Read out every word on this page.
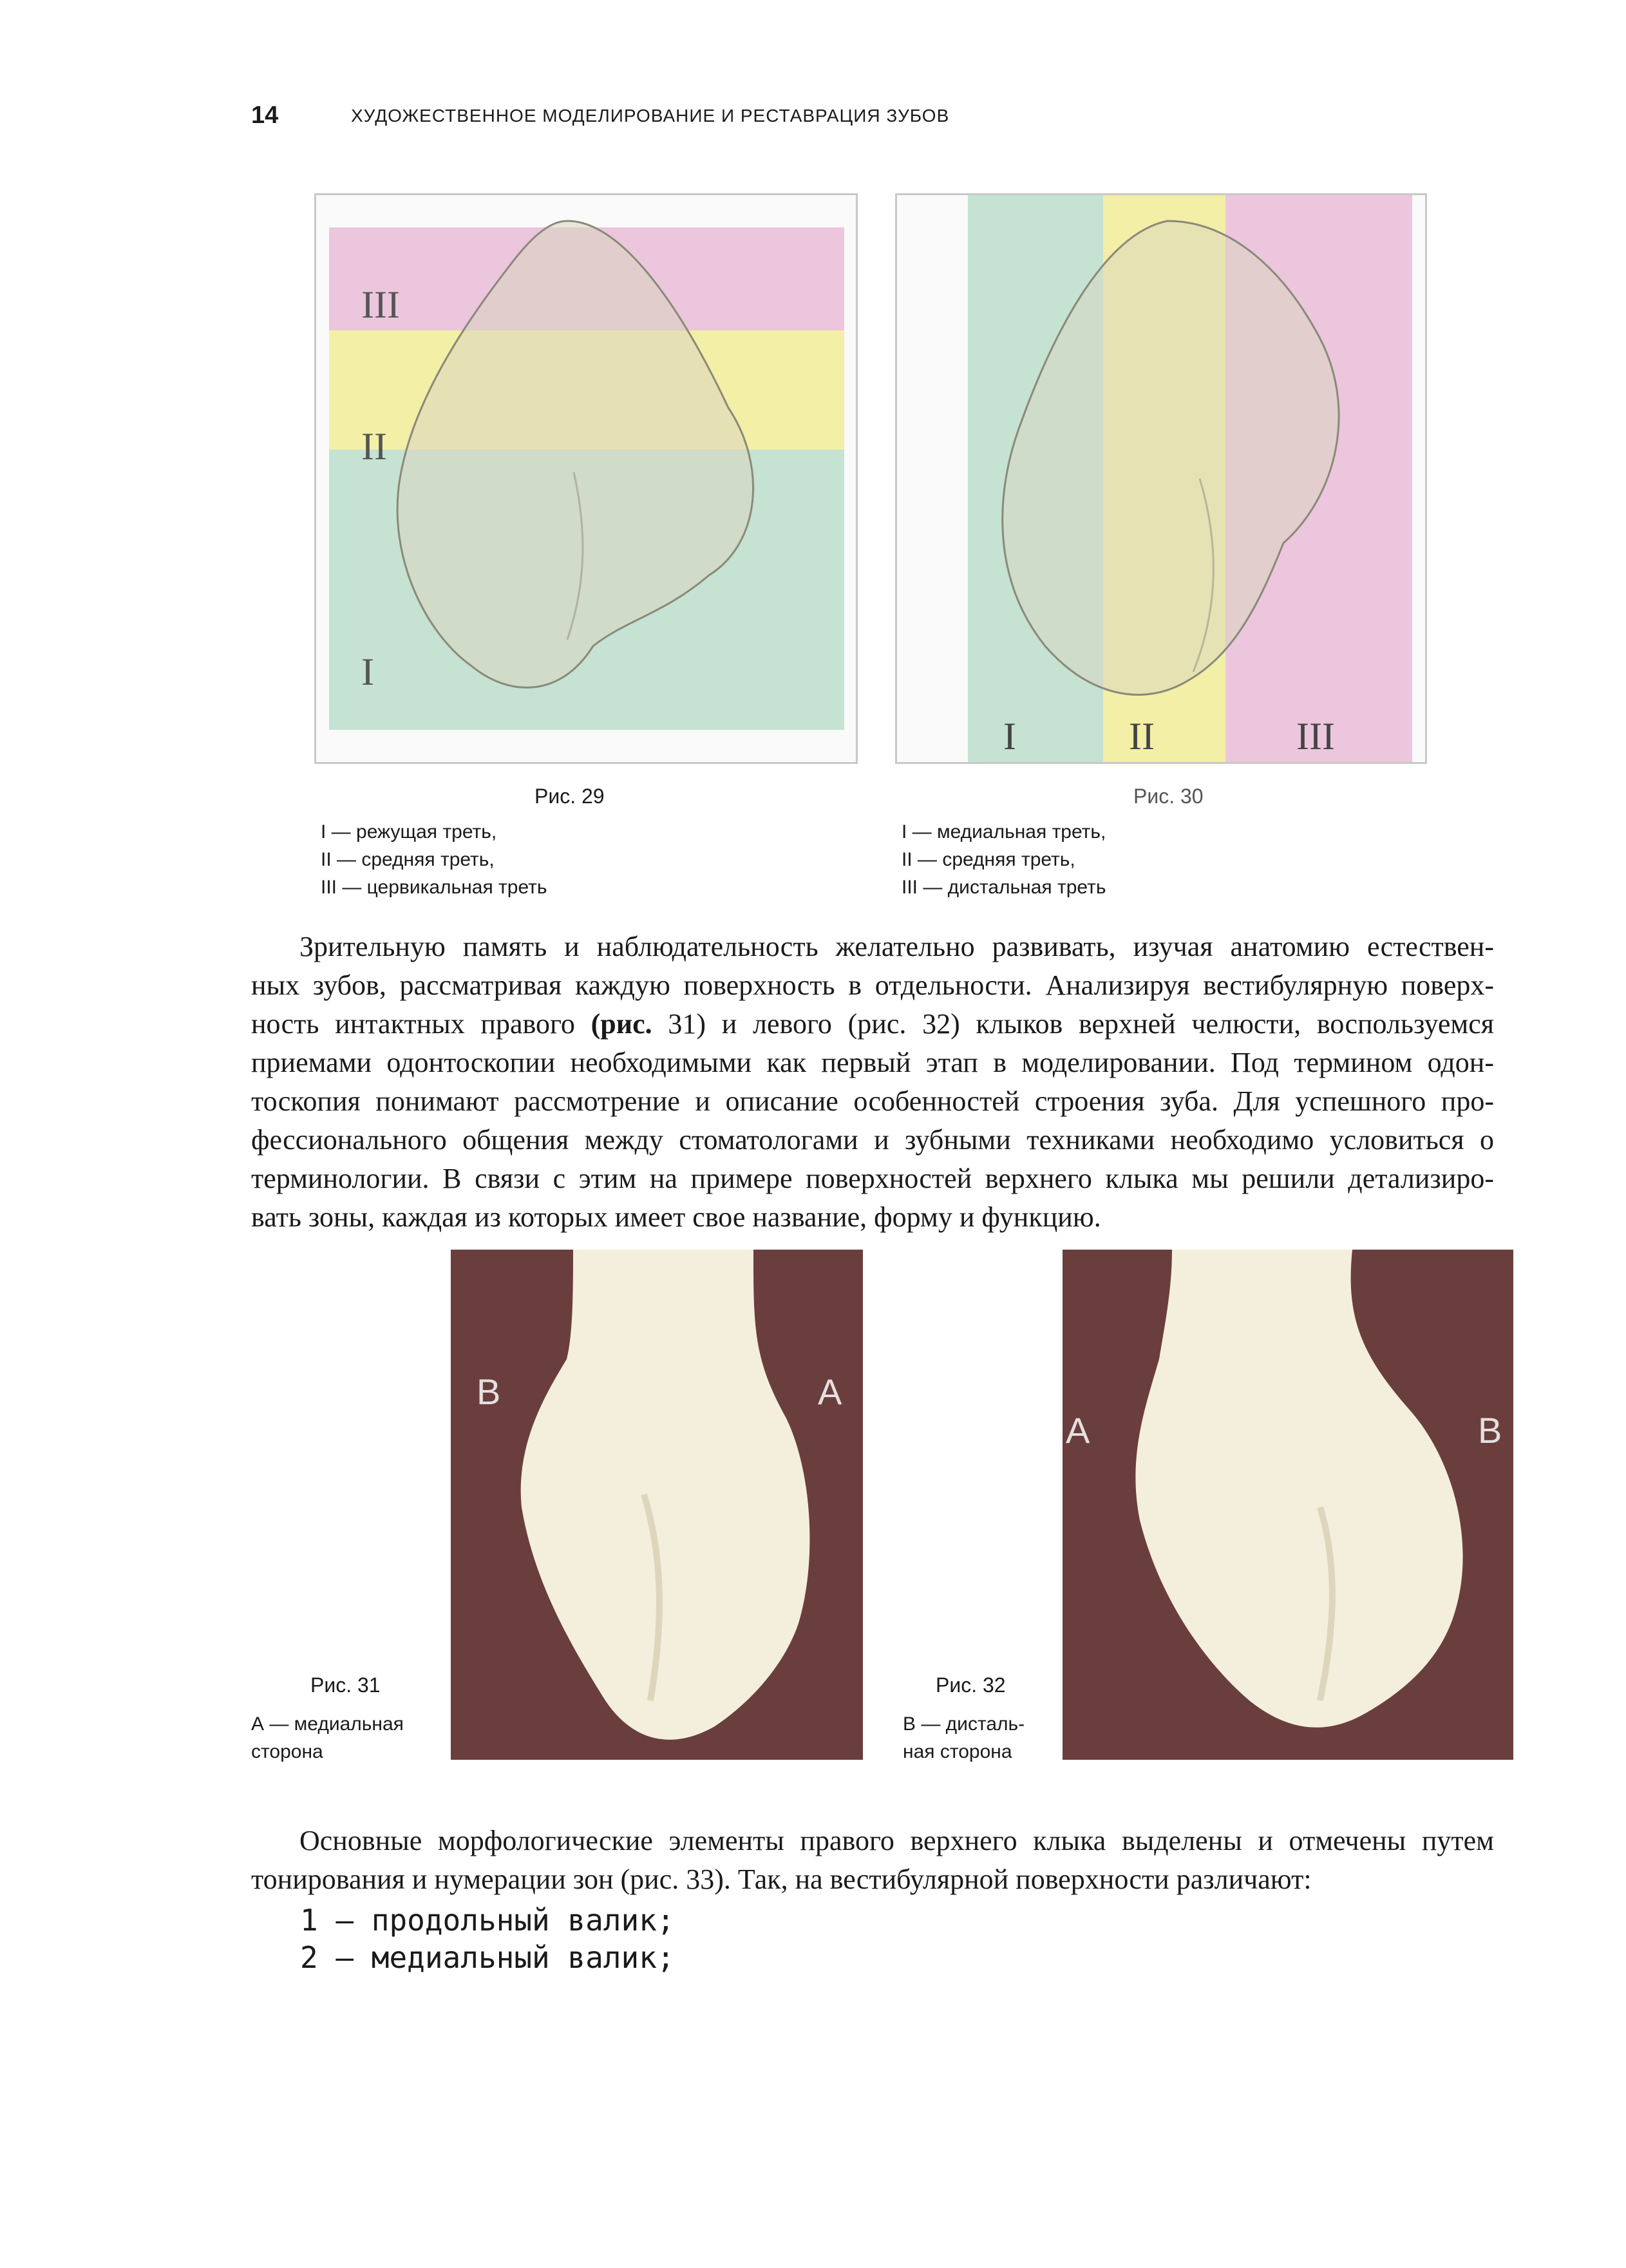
14	ХУДОЖЕСТВЕННОЕ МОДЕЛИРОВАНИЕ И РЕСТАВРАЦИЯ ЗУБОВ
III
II
I
I	II	III
Рис. 29
I — режущая треть,
II — средняя треть,
III — цервикальная треть
Рис. 30
I — медиальная треть,
II — средняя треть,
III — дистальная треть
Зрительную память и наблюдательность желательно развивать, изучая анатомию естествен-
ных зубов, рассматривая каждую поверхность в отдельности. Анализируя вестибулярную поверх-
ность интактных правого (рис. 31) и левого (рис. 32) клыков верхней челюсти, воспользуемся
приемами одонтоскопии необходимыми как первый этап в моделировании. Под термином одон-
тоскопия понимают рассмотрение и описание особенностей строения зуба. Для успешного про-
фессионального общения между стоматологами и зубными техниками необходимо условиться о
терминологии. В связи с этим на примере поверхностей верхнего клыка мы решили детализиро-
вать зоны, каждая из которых имеет свое название, форму и функцию.
В	А
Рис. 31
А — медиальная
сторона
А	В
Рис. 32
В — дисталь-
ная сторона
Основные морфологические элементы правого верхнего клыка выделены и отмечены путем
тонирования и нумерации зон (рис. 33). Так, на вестибулярной поверхности различают:
1 – продольный валик;
2 – медиальный валик;
